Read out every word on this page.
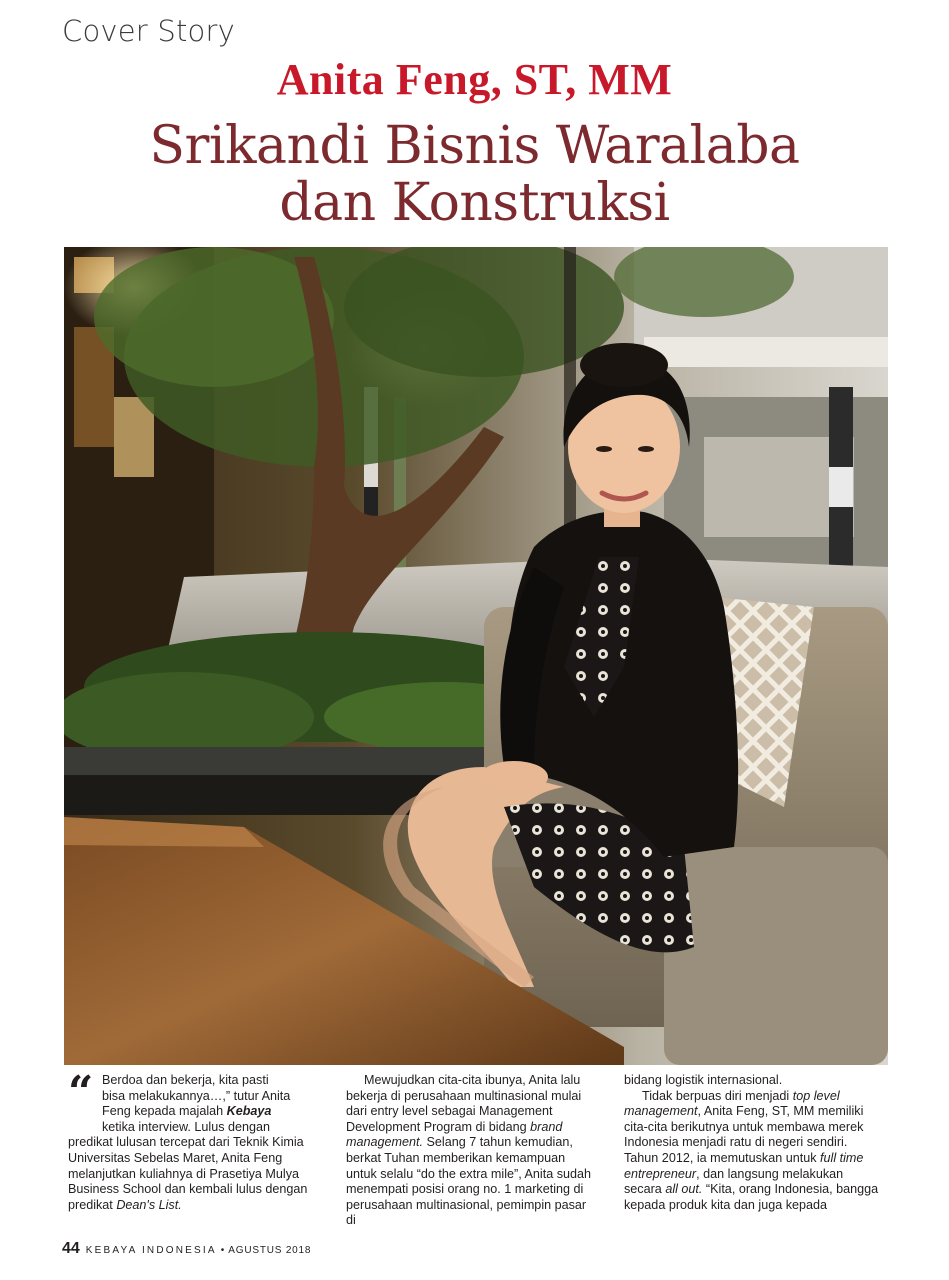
Cover Story
Anita Feng, ST, MM
Srikandi Bisnis Waralaba
dan Konstruksi
“ Berdoa dan bekerja, kita pasti
bisa melakukannya…,” tutur Anita
Feng kepada majalah Kebaya
ketika interview. Lulus dengan

predikat lulusan tercepat dari Teknik Kimia Universitas Sebelas Maret, Anita Feng melanjutkan kuliahnya di Prasetiya Mulya Business School dan kembali lulus dengan predikat Dean's List.

Mewujudkan cita-cita ibunya, Anita lalu bekerja di perusahaan multinasional mulai dari entry level sebagai Management Development Program di bidang brand management. Selang 7 tahun kemudian, berkat Tuhan memberikan kemampuan untuk selalu “do the extra mile”, Anita sudah menempati posisi orang no. 1 marketing di perusahaan multinasional, pemimpin pasar di

bidang logistik internasional.

Tidak berpuas diri menjadi top level management, Anita Feng, ST, MM memiliki cita-cita berikutnya untuk membawa merek Indonesia menjadi ratu di negeri sendiri. Tahun 2012, ia memutuskan untuk full time entrepreneur, dan langsung melakukan secara all out. “Kita, orang Indonesia, bangga kepada produk kita dan juga kepada

44 KEBAYA INDONESIA • AGUSTUS 2018
